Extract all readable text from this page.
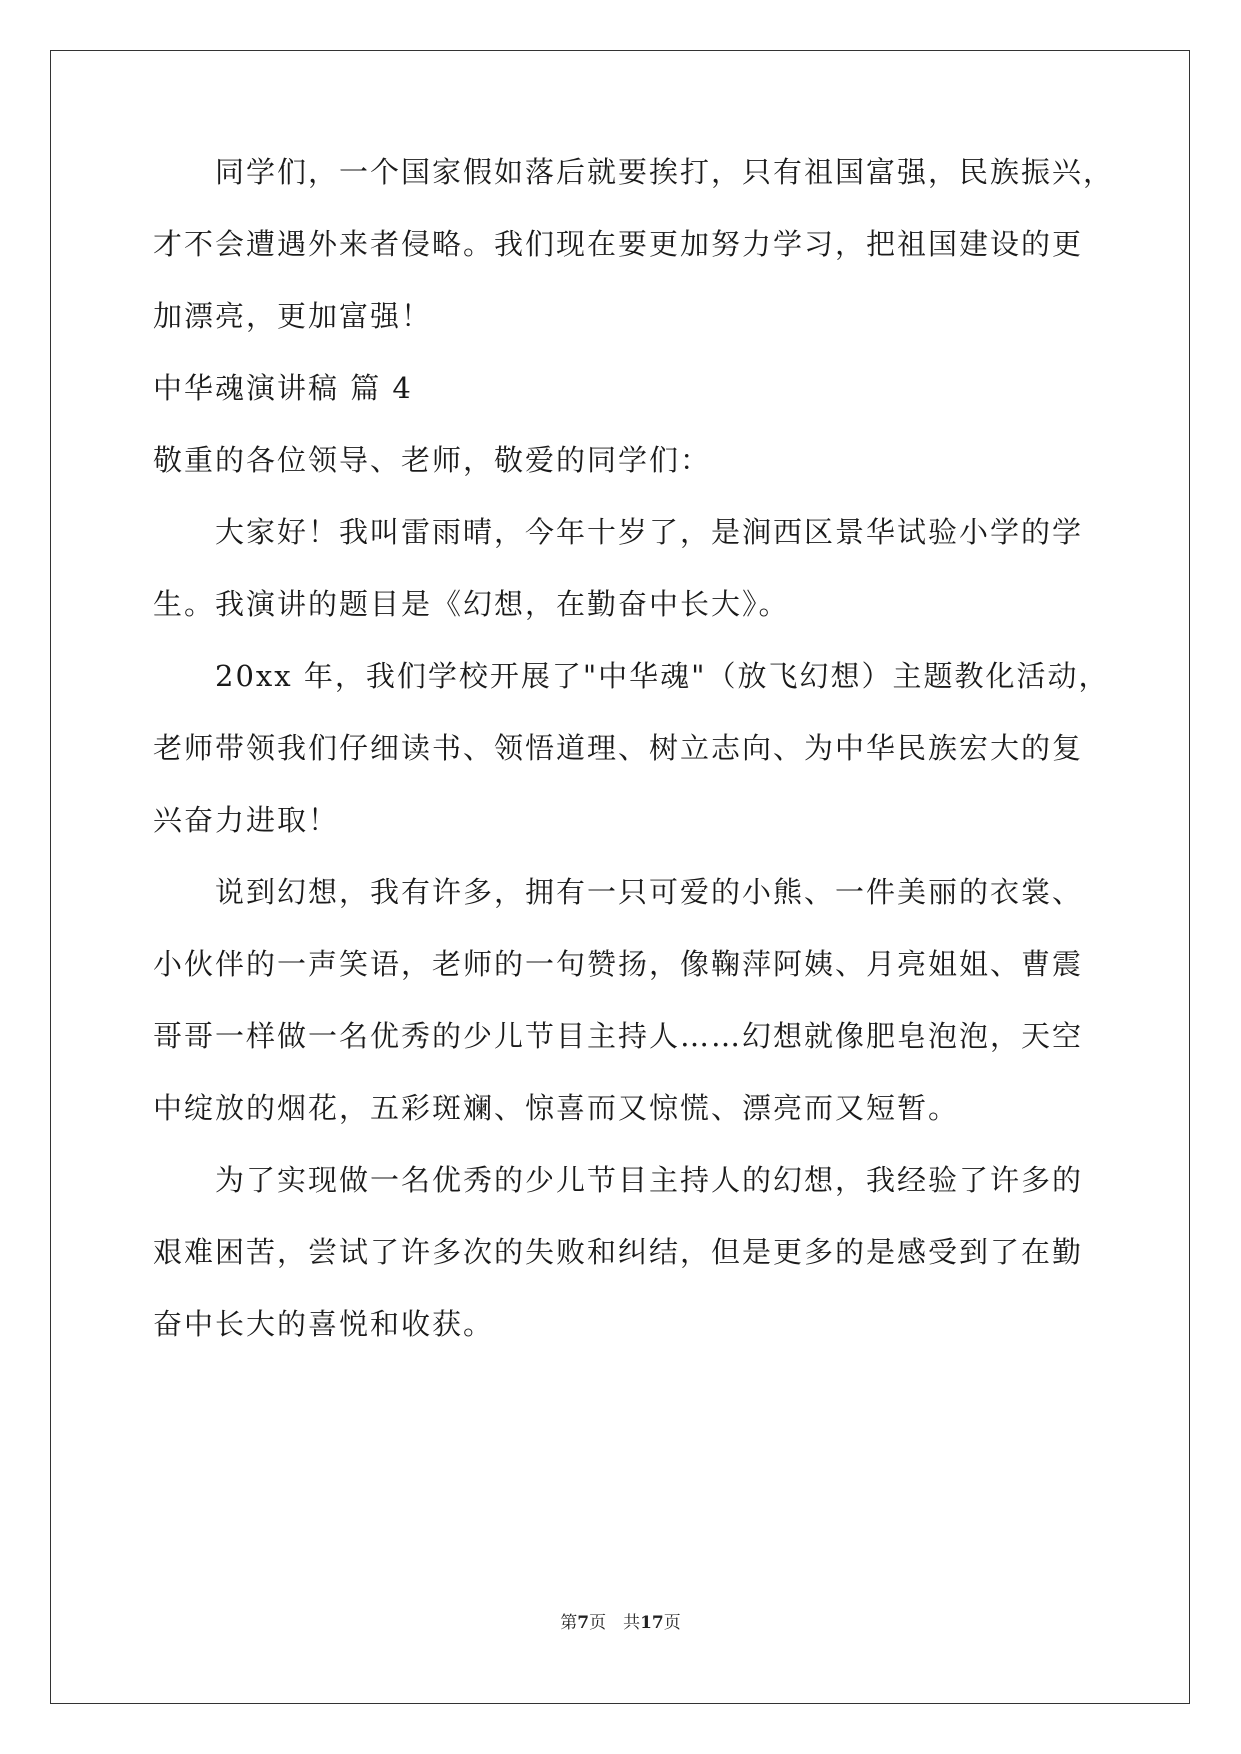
同学们，一个国家假如落后就要挨打，只有祖国富强，民族振兴，
才不会遭遇外来者侵略。我们现在要更加努力学习，把祖国建设的更
加漂亮，更加富强！
中华魂演讲稿 篇 4
敬重的各位领导、老师，敬爱的同学们：
大家好！我叫雷雨晴，今年十岁了，是涧西区景华试验小学的学
生。我演讲的题目是《幻想，在勤奋中长大》。
20xx 年，我们学校开展了"中华魂"（放飞幻想）主题教化活动，
老师带领我们仔细读书、领悟道理、树立志向、为中华民族宏大的复
兴奋力进取！
说到幻想，我有许多，拥有一只可爱的小熊、一件美丽的衣裳、
小伙伴的一声笑语，老师的一句赞扬，像鞠萍阿姨、月亮姐姐、曹震
哥哥一样做一名优秀的少儿节目主持人……幻想就像肥皂泡泡，天空
中绽放的烟花，五彩斑斓、惊喜而又惊慌、漂亮而又短暂。
为了实现做一名优秀的少儿节目主持人的幻想，我经验了许多的
艰难困苦，尝试了许多次的失败和纠结，但是更多的是感受到了在勤
奋中长大的喜悦和收获。
第7页　共17页
